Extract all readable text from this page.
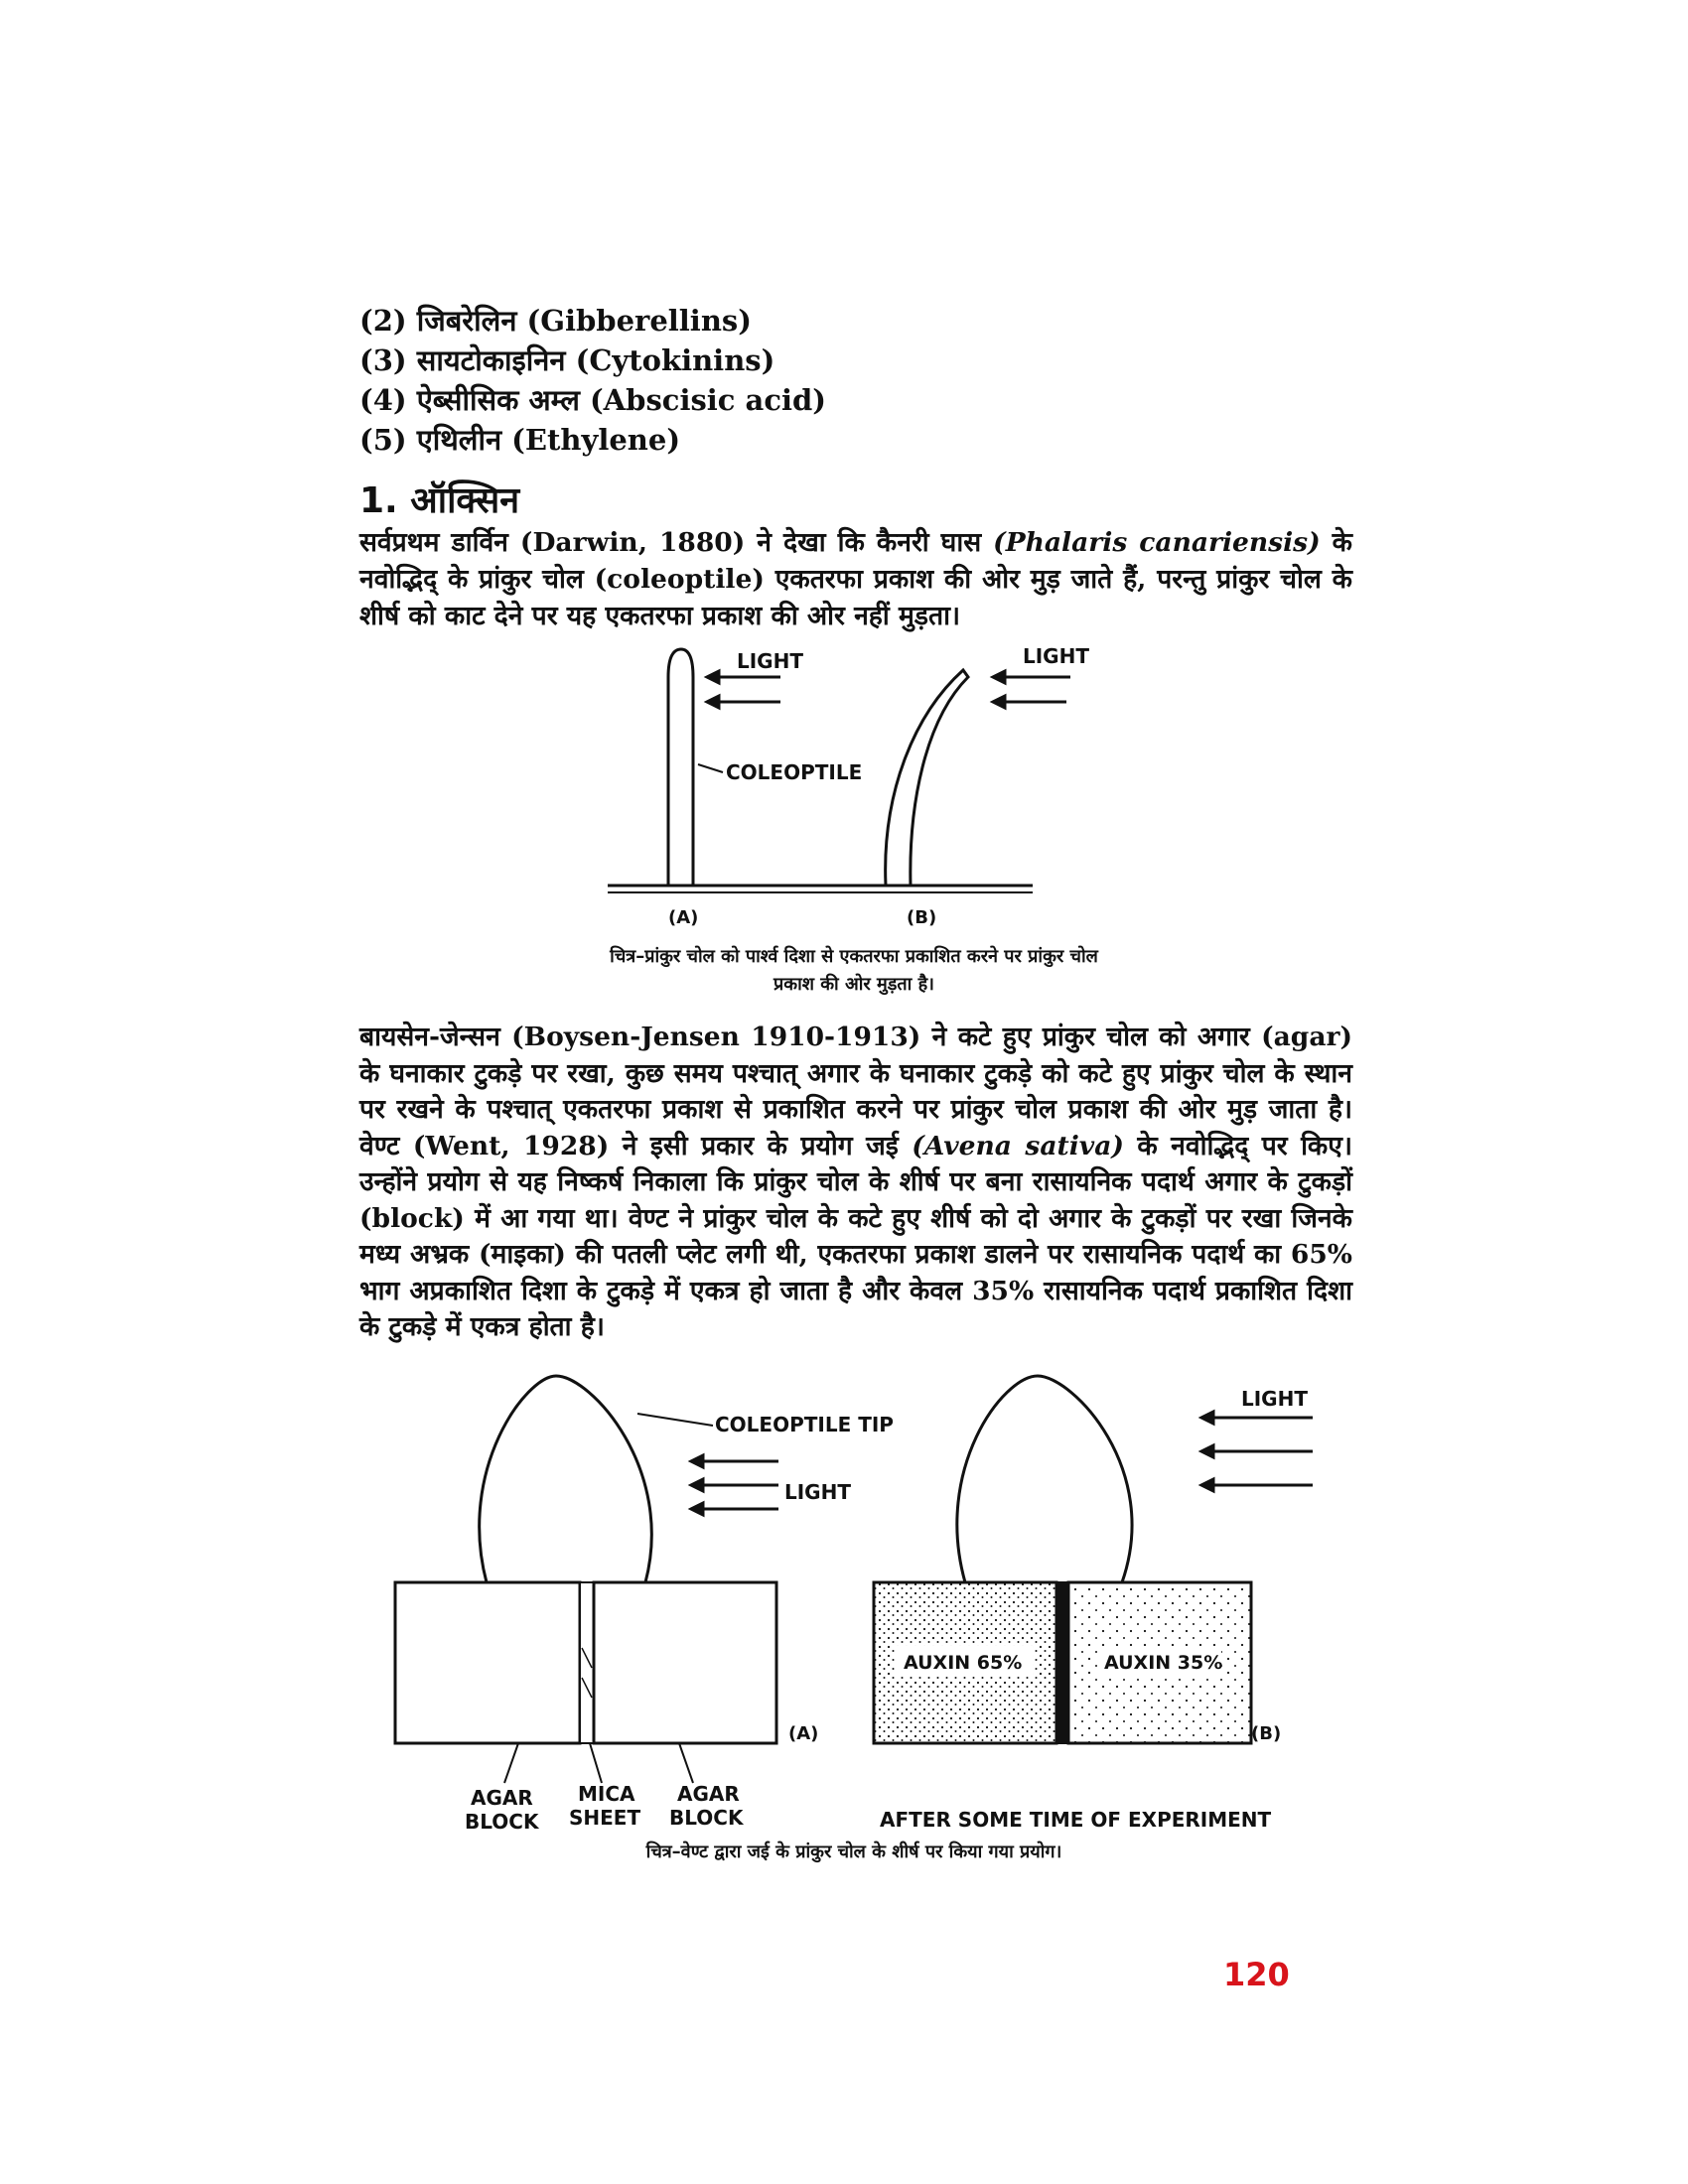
(2) जिबरेलिन (Gibberellins)
(3) सायटोकाइनिन (Cytokinins)
(4) ऐब्सीसिक अम्ल (Abscisic acid)
(5) एथिलीन (Ethylene)
1. ऑक्सिन
सर्वप्रथम डार्विन (Darwin, 1880) ने देखा कि कैनरी घास (Phalaris canariensis) के नवोद्भिद् के प्रांकुर चोल (coleoptile) एकतरफा प्रकाश की ओर मुड़ जाते हैं, परन्तु प्रांकुर चोल के शीर्ष को काट देने पर यह एकतरफा प्रकाश की ओर नहीं मुड़ता।
LIGHT	LIGHT
COLEOPTILE
(A)	(B)
चित्र–प्रांकुर चोल को पार्श्व दिशा से एकतरफा प्रकाशित करने पर प्रांकुर चोल
प्रकाश की ओर मुड़ता है।
बायसेन-जेन्सन (Boysen-Jensen 1910-1913) ने कटे हुए प्रांकुर चोल को अगार (agar) के घनाकार टुकड़े पर रखा, कुछ समय पश्चात् अगार के घनाकार टुकड़े को कटे हुए प्रांकुर चोल के स्थान पर रखने के पश्चात् एकतरफा प्रकाश से प्रकाशित करने पर प्रांकुर चोल प्रकाश की ओर मुड़ जाता है। वेण्ट (Went, 1928) ने इसी प्रकार के प्रयोग जई (Avena sativa) के नवोद्भिद् पर किए। उन्होंने प्रयोग से यह निष्कर्ष निकाला कि प्रांकुर चोल के शीर्ष पर बना रासायनिक पदार्थ अगार के टुकड़ों (block) में आ गया था। वेण्ट ने प्रांकुर चोल के कटे हुए शीर्ष को दो अगार के टुकड़ों पर रखा जिनके मध्य अभ्रक (माइका) की पतली प्लेट लगी थी, एकतरफा प्रकाश डालने पर रासायनिक पदार्थ का 65% भाग अप्रकाशित दिशा के टुकड़े में एकत्र हो जाता है और केवल 35% रासायनिक पदार्थ प्रकाशित दिशा के टुकड़े में एकत्र होता है।
COLEOPTILE TIP
LIGHT
AGAR BLOCK
MICA SHEET
AGAR BLOCK
(A)
AUXIN 65%	AUXIN 35%
(B)
LIGHT
AFTER SOME TIME OF EXPERIMENT
चित्र–वेण्ट द्वारा जई के प्रांकुर चोल के शीर्ष पर किया गया प्रयोग।
120
